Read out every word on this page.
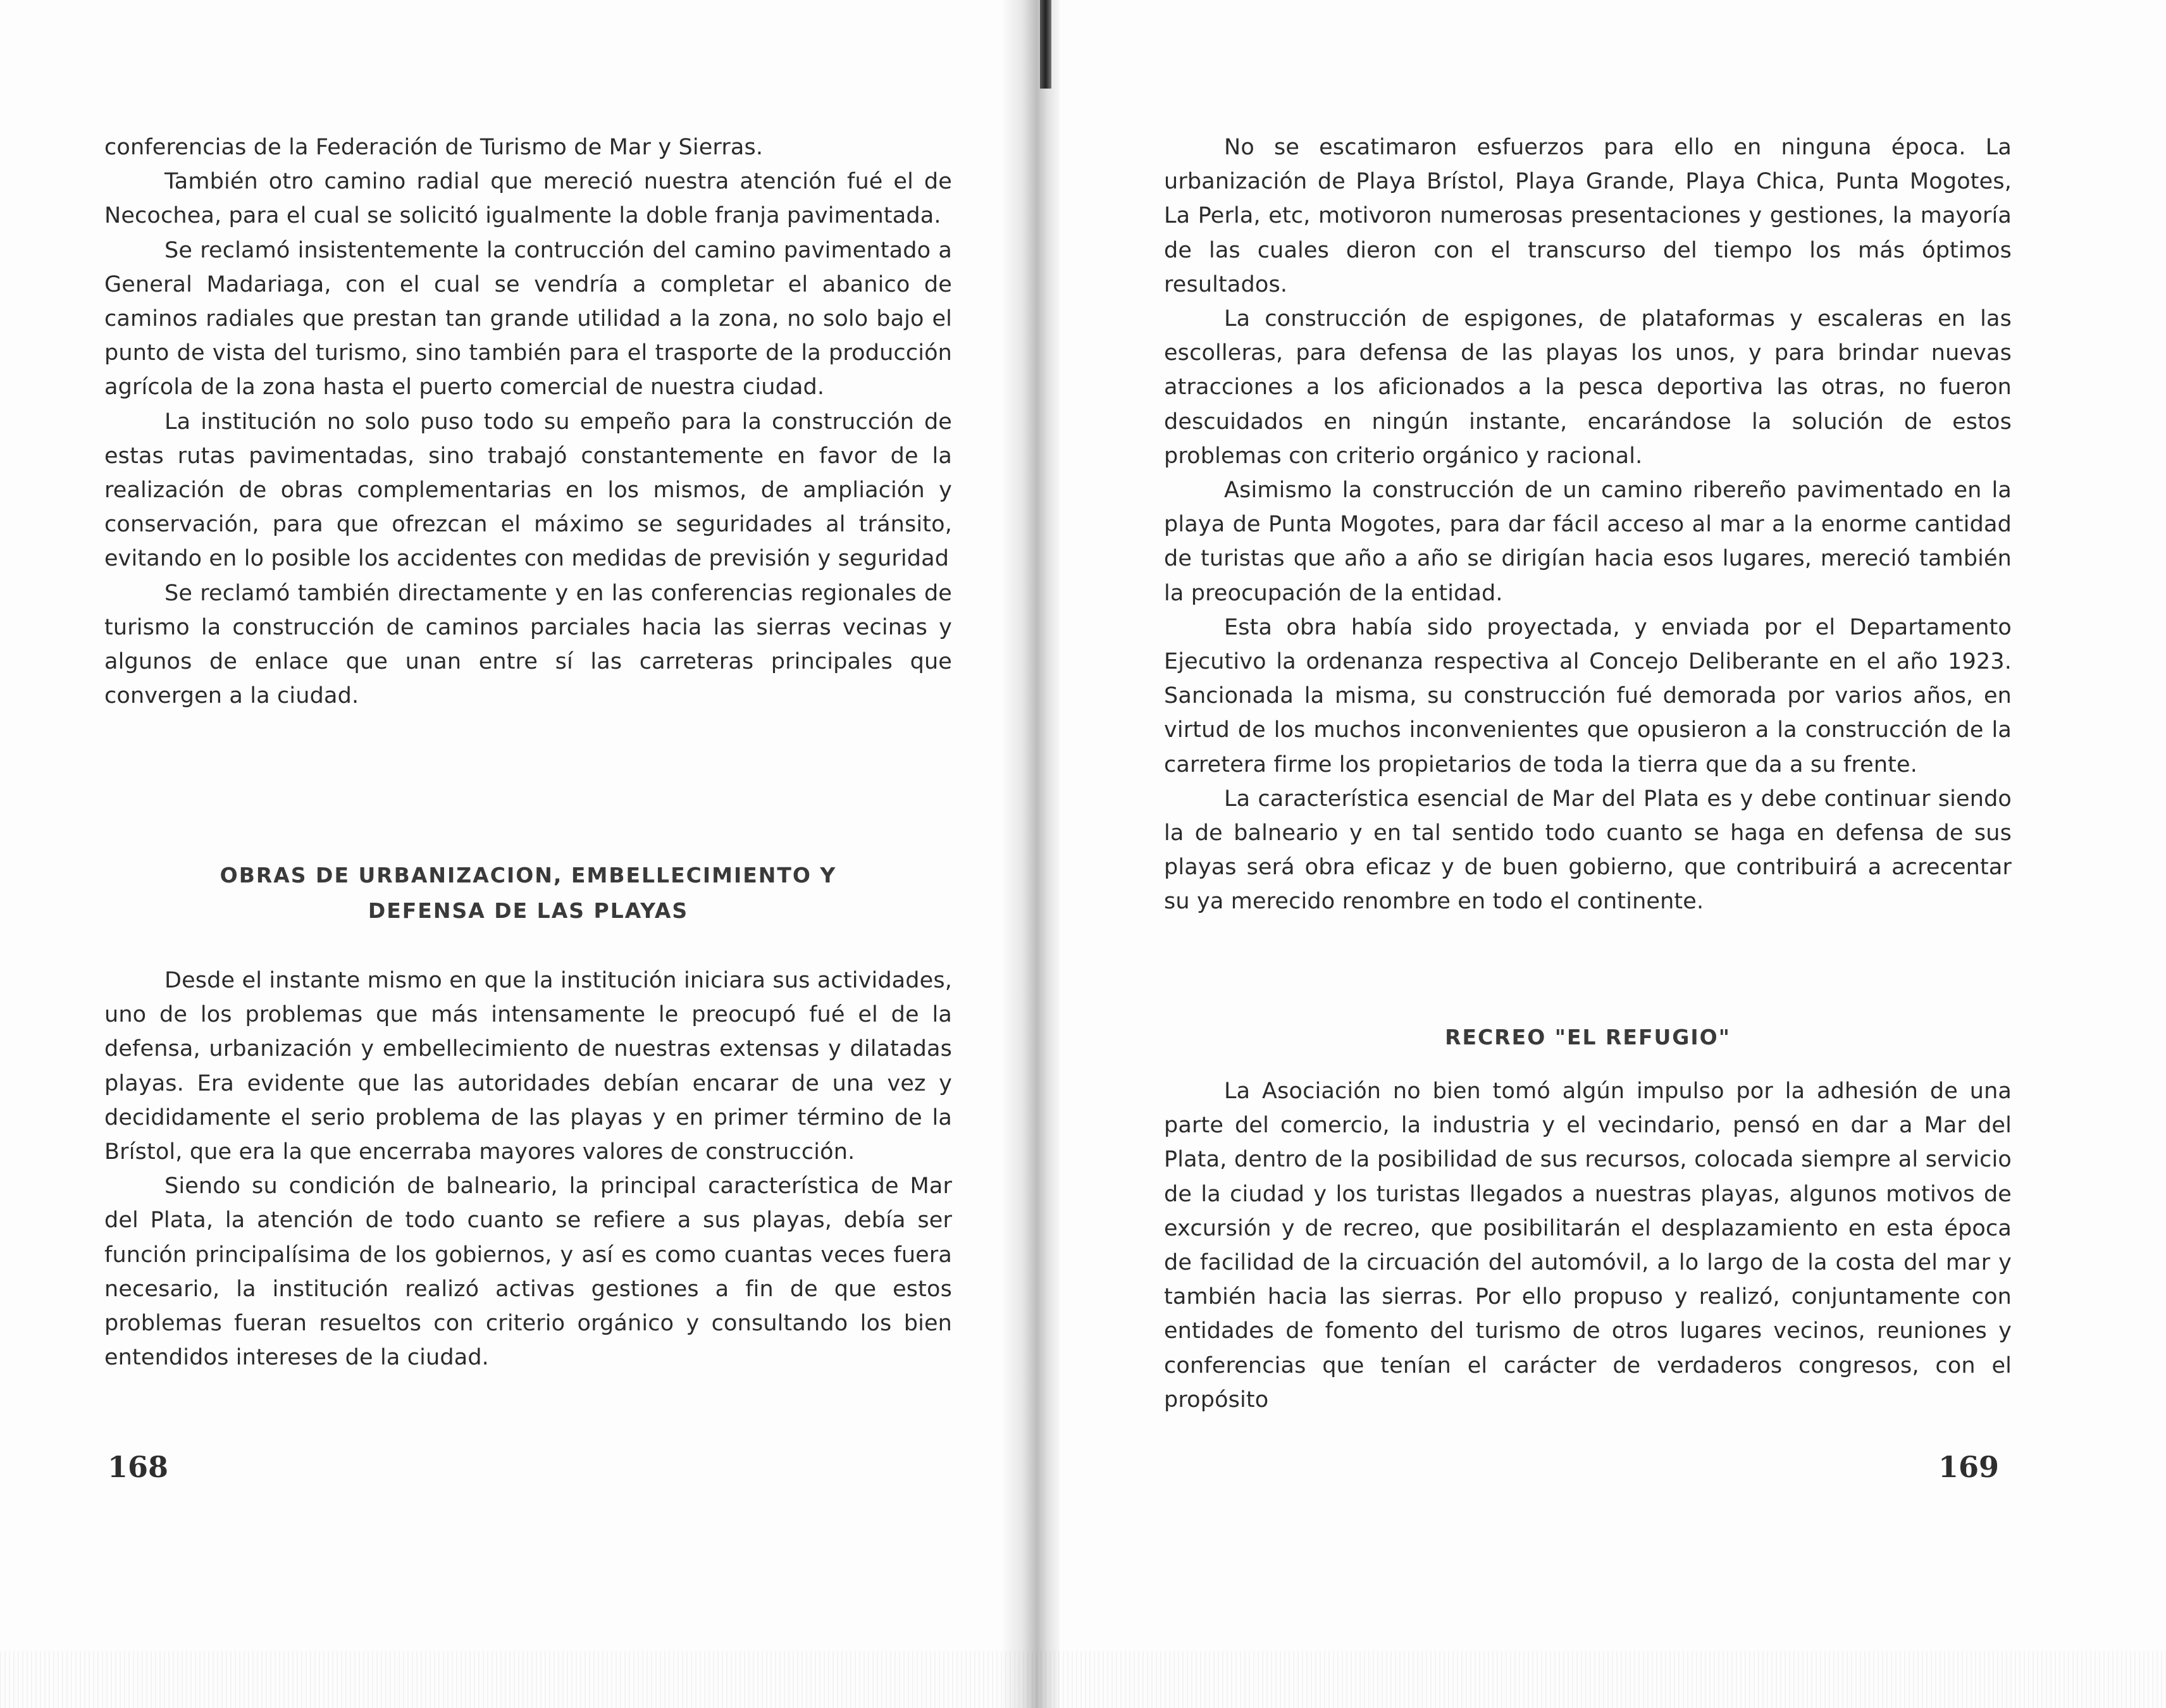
conferencias de la Federación de Turismo de Mar y Sierras.

También otro camino radial que mereció nuestra atención fué el de Necochea, para el cual se solicitó igualmente la doble franja pavimentada.

Se reclamó insistentemente la contrucción del camino pavimentado a General Madariaga, con el cual se vendría a completar el abanico de caminos radiales que prestan tan grande utilidad a la zona, no solo bajo el punto de vista del turismo, sino también para el trasporte de la producción agrícola de la zona hasta el puerto comercial de nuestra ciudad.

La institución no solo puso todo su empeño para la construcción de estas rutas pavimentadas, sino trabajó constantemente en favor de la realización de obras complementarias en los mismos, de ampliación y conservación, para que ofrezcan el máximo se seguridades al tránsito, evitando en lo posible los accidentes con medidas de previsión y seguridad

Se reclamó también directamente y en las conferencias regionales de turismo la construcción de caminos parciales hacia las sierras vecinas y algunos de enlace que unan entre sí las carreteras principales que convergen a la ciudad.

OBRAS DE URBANIZACION, EMBELLECIMIENTO Y

DEFENSA DE LAS PLAYAS

Desde el instante mismo en que la institución iniciara sus actividades, uno de los problemas que más intensamente le preocupó fué el de la defensa, urbanización y embellecimiento de nuestras extensas y dilatadas playas. Era evidente que las autoridades debían encarar de una vez y decididamente el serio problema de las playas y en primer término de la Brístol, que era la que encerraba mayores valores de construcción.

Siendo su condición de balneario, la principal característica de Mar del Plata, la atención de todo cuanto se refiere a sus playas, debía ser función principalísima de los gobiernos, y así es como cuantas veces fuera necesario, la institución realizó activas gestiones a fin de que estos problemas fueran resueltos con criterio orgánico y consultando los bien entendidos intereses de la ciudad.

168

No se escatimaron esfuerzos para ello en ninguna época. La urbanización de Playa Brístol, Playa Grande, Playa Chica, Punta Mogotes, La Perla, etc, motivoron numerosas presentaciones y gestiones, la mayoría de las cuales dieron con el transcurso del tiempo los más óptimos resultados.

La construcción de espigones, de plataformas y escaleras en las escolleras, para defensa de las playas los unos, y para brindar nuevas atracciones a los aficionados a la pesca deportiva las otras, no fueron descuidados en ningún instante, encarándose la solución de estos problemas con criterio orgánico y racional.

Asimismo la construcción de un camino ribereño pavimentado en la playa de Punta Mogotes, para dar fácil acceso al mar a la enorme cantidad de turistas que año a año se dirigían hacia esos lugares, mereció también la preocupación de la entidad.

Esta obra había sido proyectada, y enviada por el Departamento Ejecutivo la ordenanza respectiva al Concejo Deliberante en el año 1923. Sancionada la misma, su construcción fué demorada por varios años, en virtud de los muchos inconvenientes que opusieron a la construcción de la carretera firme los propietarios de toda la tierra que da a su frente.

La característica esencial de Mar del Plata es y debe continuar siendo la de balneario y en tal sentido todo cuanto se haga en defensa de sus playas será obra eficaz y de buen gobierno, que contribuirá a acrecentar su ya merecido renombre en todo el continente.

RECREO "EL REFUGIO"

La Asociación no bien tomó algún impulso por la adhesión de una parte del comercio, la industria y el vecindario, pensó en dar a Mar del Plata, dentro de la posibilidad de sus recursos, colocada siempre al servicio de la ciudad y los turistas llegados a nuestras playas, algunos motivos de excursión y de recreo, que posibilitarán el desplazamiento en esta época de facilidad de la circuación del automóvil, a lo largo de la costa del mar y también hacia las sierras. Por ello propuso y realizó, conjuntamente con entidades de fomento del turismo de otros lugares vecinos, reuniones y conferencias que tenían el carácter de verdaderos congresos, con el propósito

169
